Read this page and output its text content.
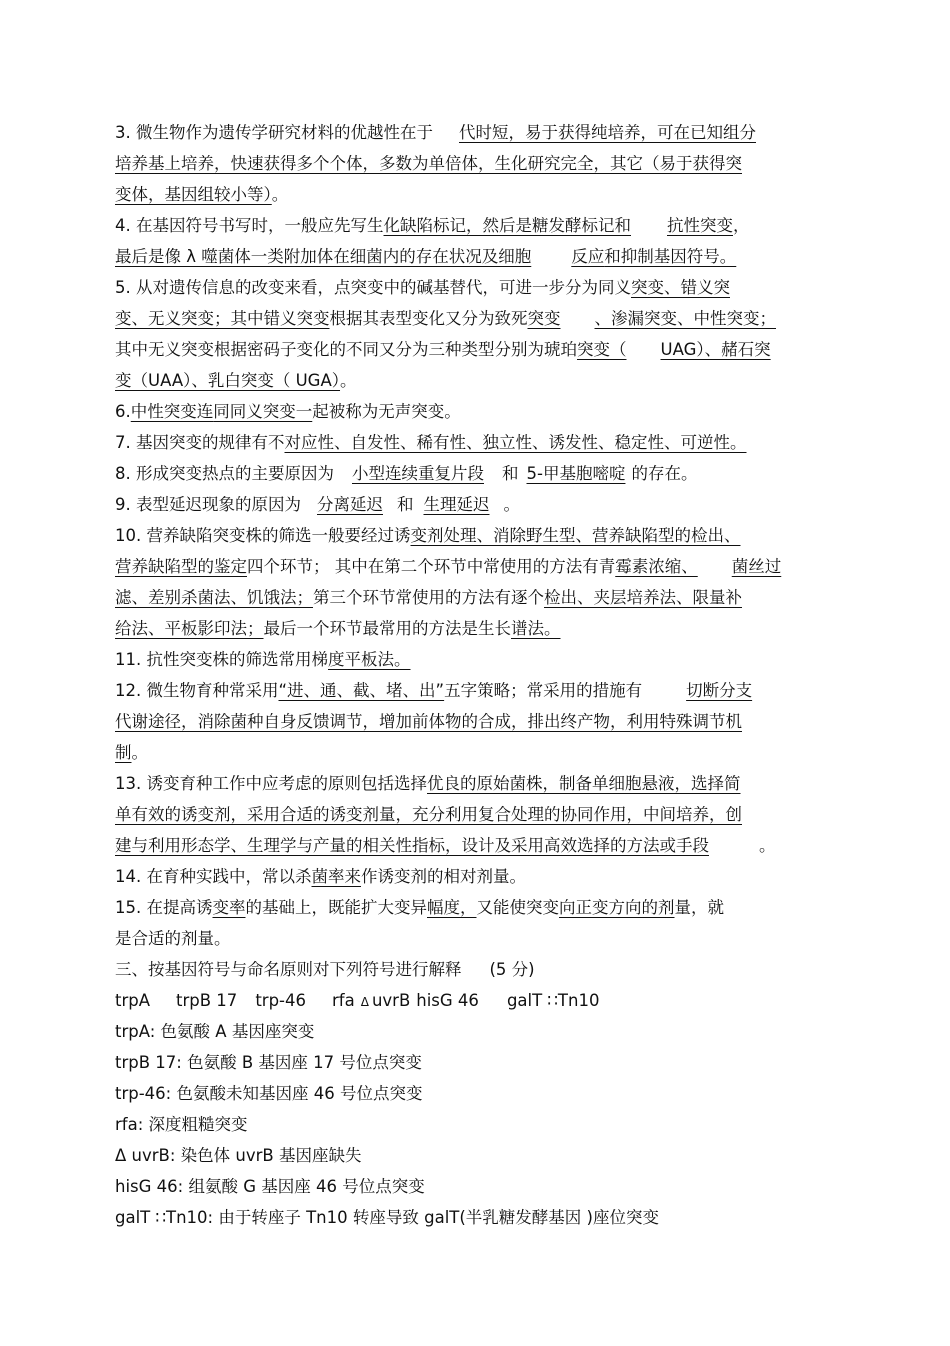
3. 微生物作为遗传学研究材料的优越性在于 代时短，易于获得纯培养，可在已知组分
培养基上培养，快速获得多个个体，多数为单倍体，生化研究完全，其它（易于获得突
变体，基因组较小等）。
4. 在基因符号书写时，一般应先写生化缺陷标记，然后是糖发酵标记和 抗性突变，
最后是像 λ 噬菌体一类附加体在细菌内的存在状况及细胞 反应和抑制基因符号。
5. 从对遗传信息的改变来看，点突变中的碱基替代，可进一步分为同义突变、错义突
变、无义突变；其中错义突变根据其表型变化又分为致死突变 、渗漏突变、中性突变；
其中无义突变根据密码子变化的不同又分为三种类型分别为琥珀突变（ UAG）、赭石突
变（UAA）、乳白突变（ UGA）。
6.中性突变连同同义突变一起被称为无声突变。
7. 基因突变的规律有不对应性、自发性、稀有性、独立性、诱发性、稳定性、可逆性。
8. 形成突变热点的主要原因为 小型连续重复片段 和 5-甲基胞嘧啶 的存在。
9. 表型延迟现象的原因为 分离延迟 和 生理延迟 。
10. 营养缺陷突变株的筛选一般要经过诱变剂处理、消除野生型、营养缺陷型的检出、
营养缺陷型的鉴定四个环节； 其中在第二个环节中常使用的方法有青霉素浓缩、 菌丝过
滤、差别杀菌法、饥饿法；第三个环节常使用的方法有逐个检出、夹层培养法、限量补
给法、平板影印法；最后一个环节最常用的方法是生长谱法。
11. 抗性突变株的筛选常用梯度平板法。
12. 微生物育种常采用“进、通、截、堵、出”五字策略；常采用的措施有	切断分支
代谢途径，消除菌种自身反馈调节，增加前体物的合成，排出终产物，利用特殊调节机
制。
13. 诱变育种工作中应考虑的原则包括选择优良的原始菌株，制备单细胞悬液，选择简
单有效的诱变剂，采用合适的诱变剂量，充分利用复合处理的协同作用，中间培养，创
建与利用形态学、生理学与产量的相关性指标，设计及采用高效选择的方法或手段	。
14. 在育种实践中，常以杀菌率来作诱变剂的相对剂量。
15. 在提高诱变率的基础上，既能扩大变异幅度，又能使突变向正变方向的剂量，就
是合适的剂量。
三、按基因符号与命名原则对下列符号进行解释 (5 分)
trpA trpB 17 trp-46 rfa Δ uvrB hisG 46 galT ∷Tn10
trpA: 色氨酸 A 基因座突变
trpB 17: 色氨酸 B 基因座 17 号位点突变
trp-46: 色氨酸未知基因座 46 号位点突变
rfa: 深度粗糙突变
Δ uvrB: 染色体 uvrB 基因座缺失
hisG 46: 组氨酸 G 基因座 46 号位点突变
galT ∷Tn10: 由于转座子 Tn10 转座导致 galT(半乳糖发酵基因 )座位突变
